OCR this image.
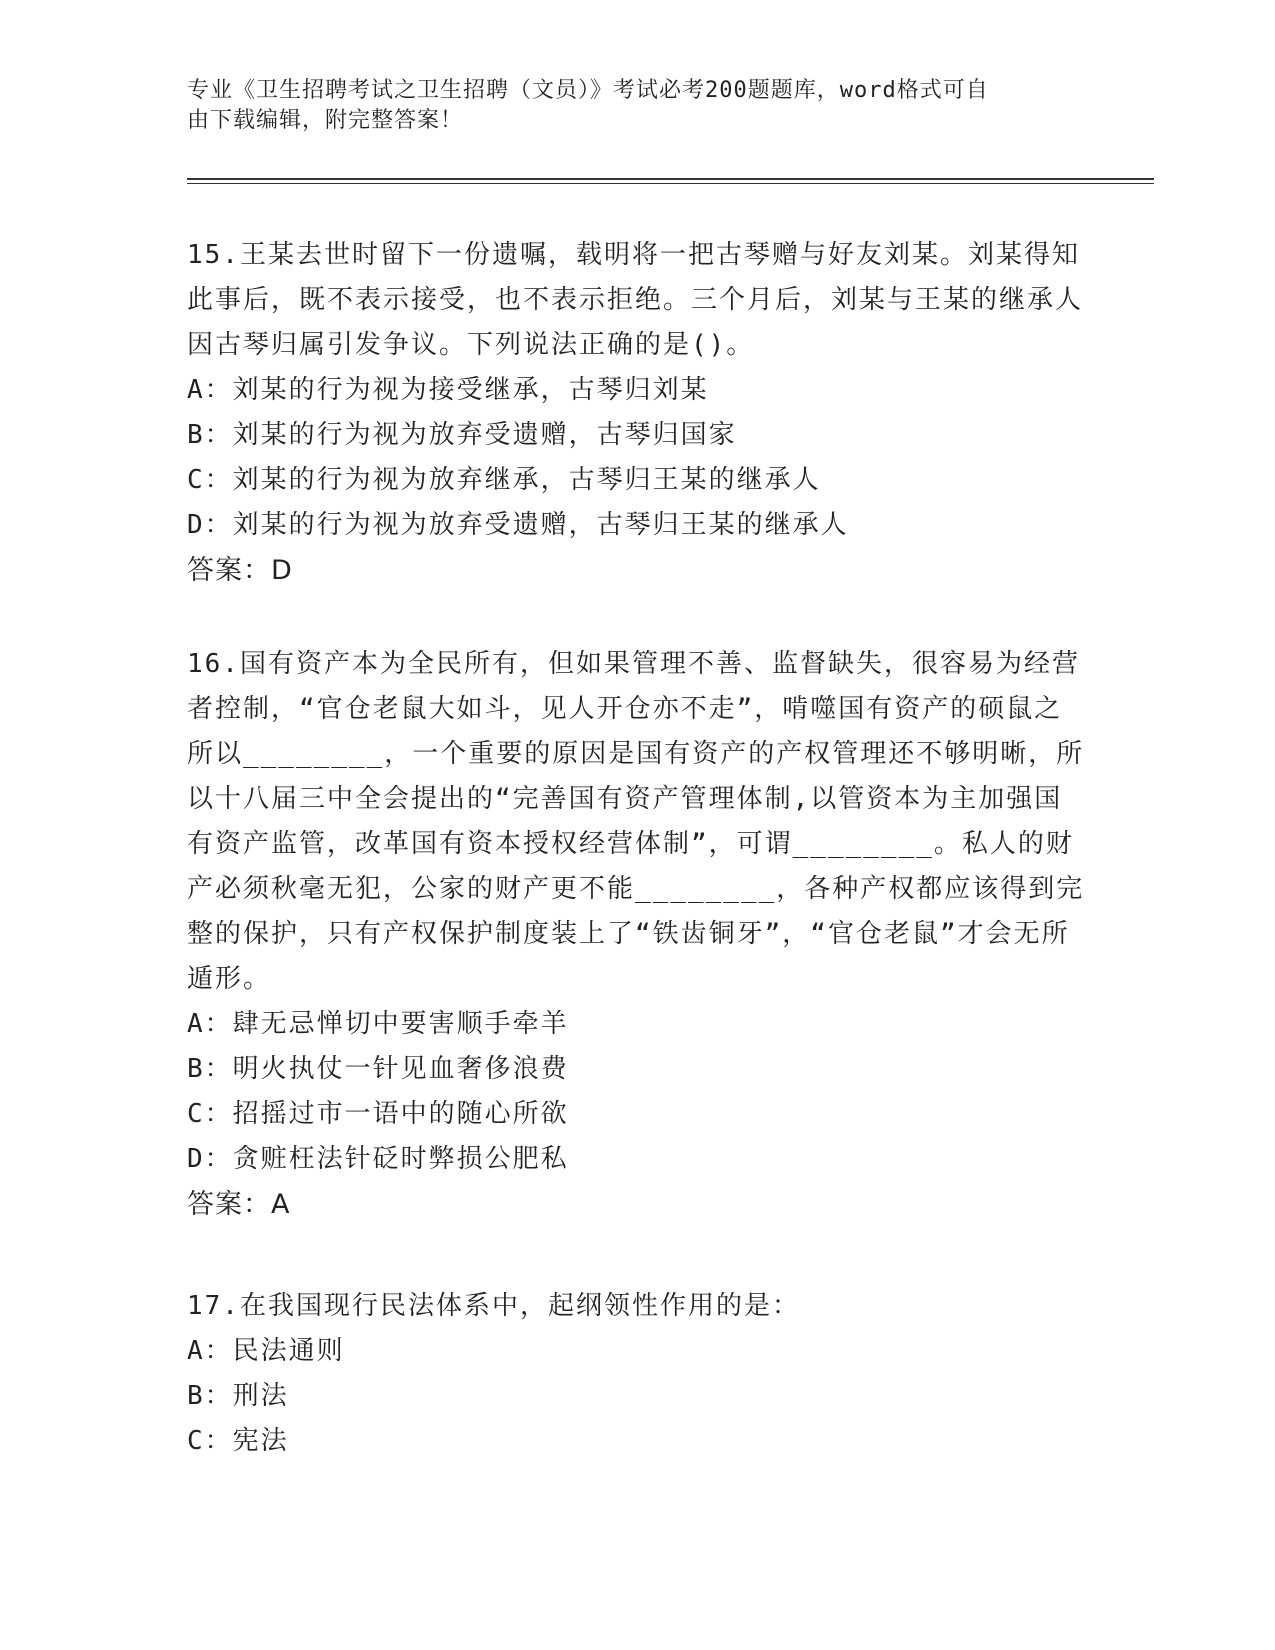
专业《卫生招聘考试之卫生招聘（文员）》考试必考200题题库，word格式可自
由下载编辑，附完整答案！

15.王某去世时留下一份遗嘱，载明将一把古琴赠与好友刘某。刘某得知此事后，既不表示接受，也不表示拒绝。三个月后，刘某与王某的继承人因古琴归属引发争议。下列说法正确的是()。

A：刘某的行为视为接受继承，古琴归刘某

B：刘某的行为视为放弃受遗赠，古琴归国家

C：刘某的行为视为放弃继承，古琴归王某的继承人

D：刘某的行为视为放弃受遗赠，古琴归王某的继承人

答案：D

16.国有资产本为全民所有，但如果管理不善、监督缺失，很容易为经营者控制，“官仓老鼠大如斗，见人开仓亦不走”，啃噬国有资产的硕鼠之所以________，一个重要的原因是国有资产的产权管理还不够明晰，所以十八届三中全会提出的“完善国有资产管理体制,以管资本为主加强国有资产监管，改革国有资本授权经营体制”，可谓________。私人的财产必须秋毫无犯，公家的财产更不能________，各种产权都应该得到完整的保护，只有产权保护制度装上了“铁齿铜牙”，“官仓老鼠”才会无所遁形。

A：肆无忌惮切中要害顺手牵羊

B：明火执仗一针见血奢侈浪费

C：招摇过市一语中的随心所欲

D：贪赃枉法针砭时弊损公肥私

答案：A

17.在我国现行民法体系中，起纲领性作用的是：

A：民法通则

B：刑法

C：宪法
